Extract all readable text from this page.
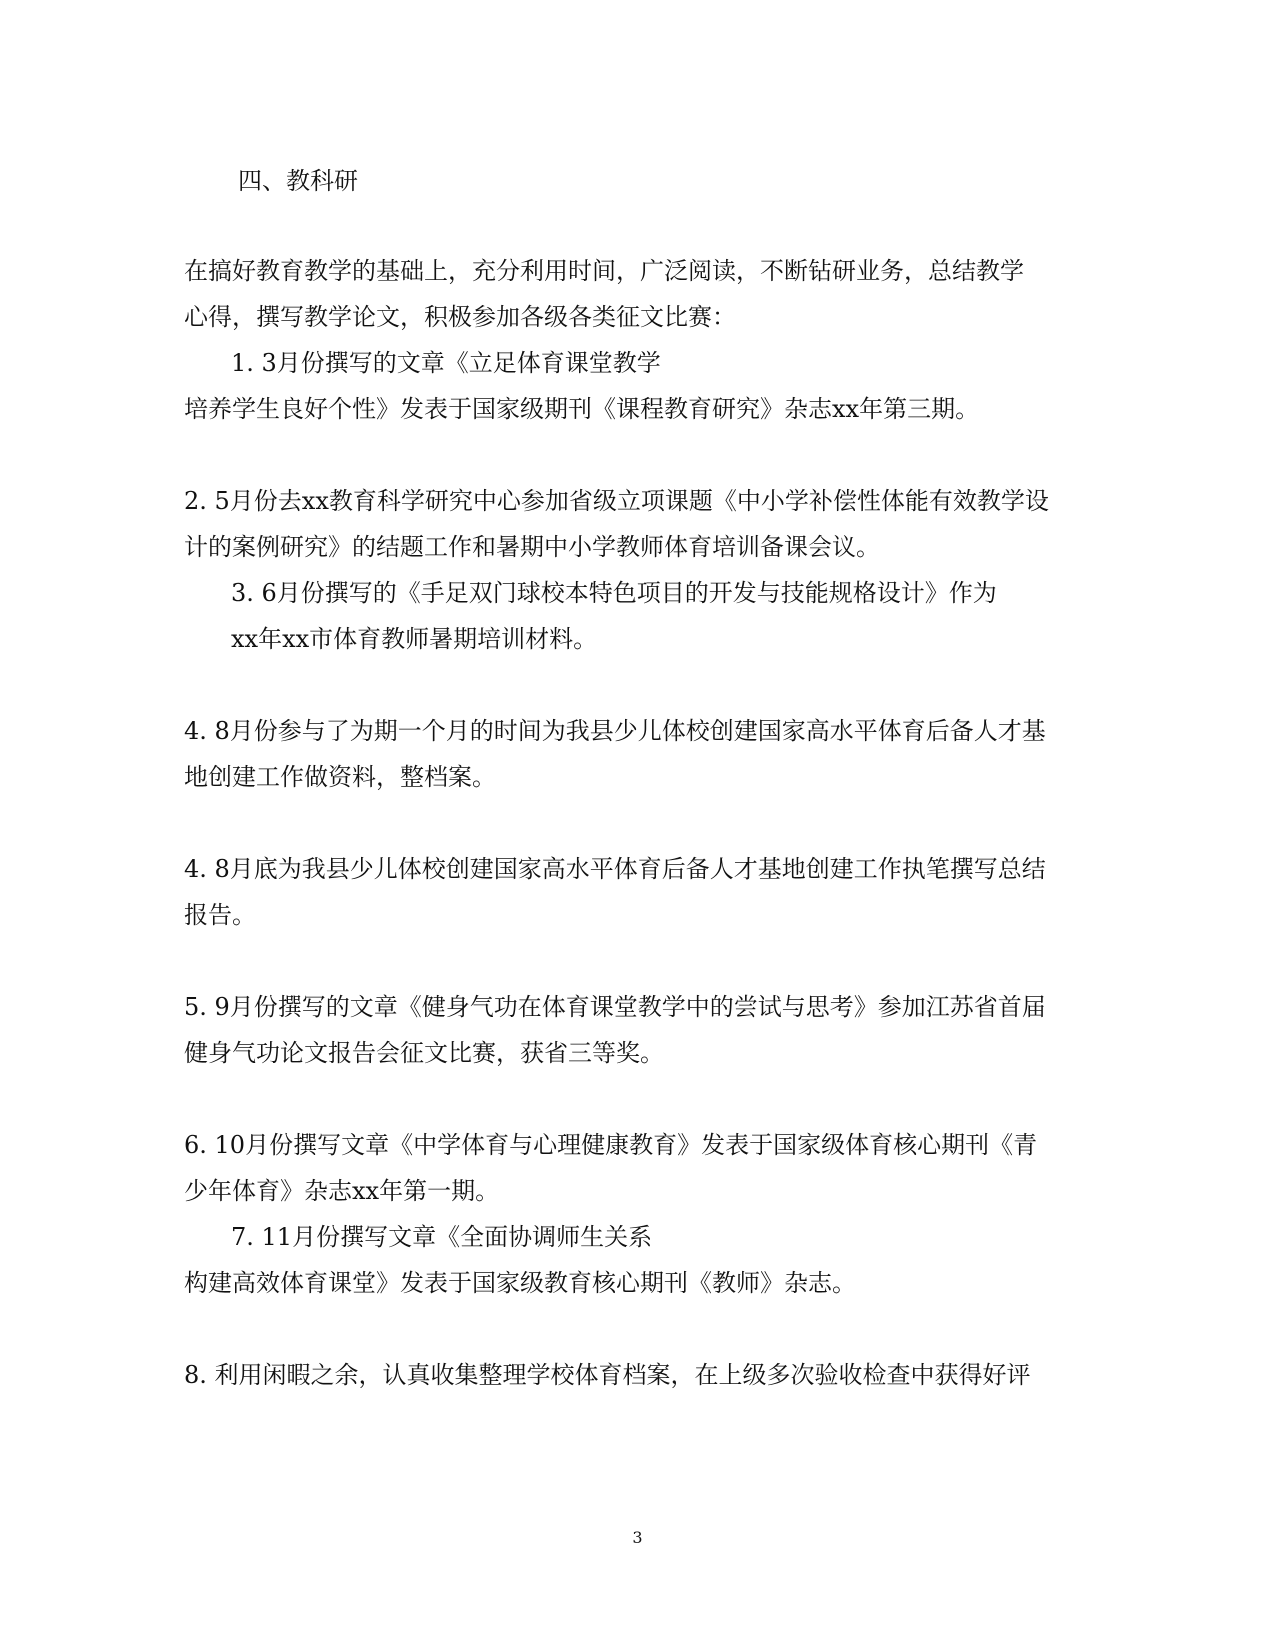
四、教科研
在搞好教育教学的基础上，充分利用时间，广泛阅读，不断钻研业务，总结教学
心得，撰写教学论文，积极参加各级各类征文比赛：
1. 3月份撰写的文章《立足体育课堂教学
培养学生良好个性》发表于国家级期刊《课程教育研究》杂志xx年第三期。
2. 5月份去xx教育科学研究中心参加省级立项课题《中小学补偿性体能有效教学设
计的案例研究》的结题工作和暑期中小学教师体育培训备课会议。
3. 6月份撰写的《手足双门球校本特色项目的开发与技能规格设计》作为
xx年xx市体育教师暑期培训材料。
4. 8月份参与了为期一个月的时间为我县少儿体校创建国家高水平体育后备人才基
地创建工作做资料，整档案。
4. 8月底为我县少儿体校创建国家高水平体育后备人才基地创建工作执笔撰写总结
报告。
5. 9月份撰写的文章《健身气功在体育课堂教学中的尝试与思考》参加江苏省首届
健身气功论文报告会征文比赛，获省三等奖。
6. 10月份撰写文章《中学体育与心理健康教育》发表于国家级体育核心期刊《青
少年体育》杂志xx年第一期。
7. 11月份撰写文章《全面协调师生关系
构建高效体育课堂》发表于国家级教育核心期刊《教师》杂志。
8. 利用闲暇之余，认真收集整理学校体育档案，在上级多次验收检查中获得好评
3
